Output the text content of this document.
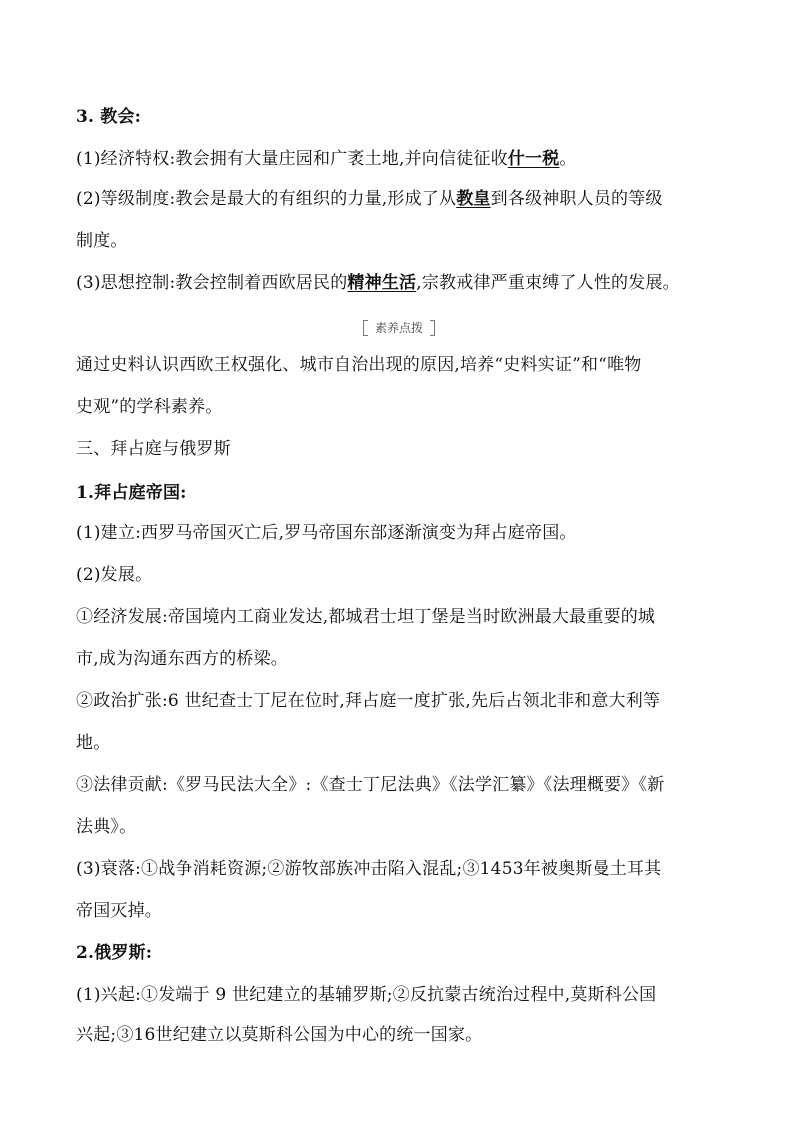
3. 教会:
(1)经济特权:教会拥有大量庄园和广袤土地,并向信徒征收什一税。
(2)等级制度:教会是最大的有组织的力量,形成了从教皇到各级神职人员的等级
制度。
(3)思想控制:教会控制着西欧居民的精神生活,宗教戒律严重束缚了人性的发展。
素养点拨
通过史料认识西欧王权强化、城市自治出现的原因,培养“史料实证”和“唯物
史观”的学科素养。
三、拜占庭与俄罗斯
1.拜占庭帝国:
(1)建立:西罗马帝国灭亡后,罗马帝国东部逐渐演变为拜占庭帝国。
(2)发展。
①经济发展:帝国境内工商业发达,都城君士坦丁堡是当时欧洲最大最重要的城
市,成为沟通东西方的桥梁。
②政治扩张:6 世纪查士丁尼在位时,拜占庭一度扩张,先后占领北非和意大利等
地。
③法律贡献:《罗马民法大全》:《查士丁尼法典》《法学汇纂》《法理概要》《新
法典》。
(3)衰落:①战争消耗资源;②游牧部族冲击陷入混乱;③1453年被奥斯曼土耳其
帝国灭掉。
2.俄罗斯:
(1)兴起:①发端于 9 世纪建立的基辅罗斯;②反抗蒙古统治过程中,莫斯科公国
兴起;③16世纪建立以莫斯科公国为中心的统一国家。
